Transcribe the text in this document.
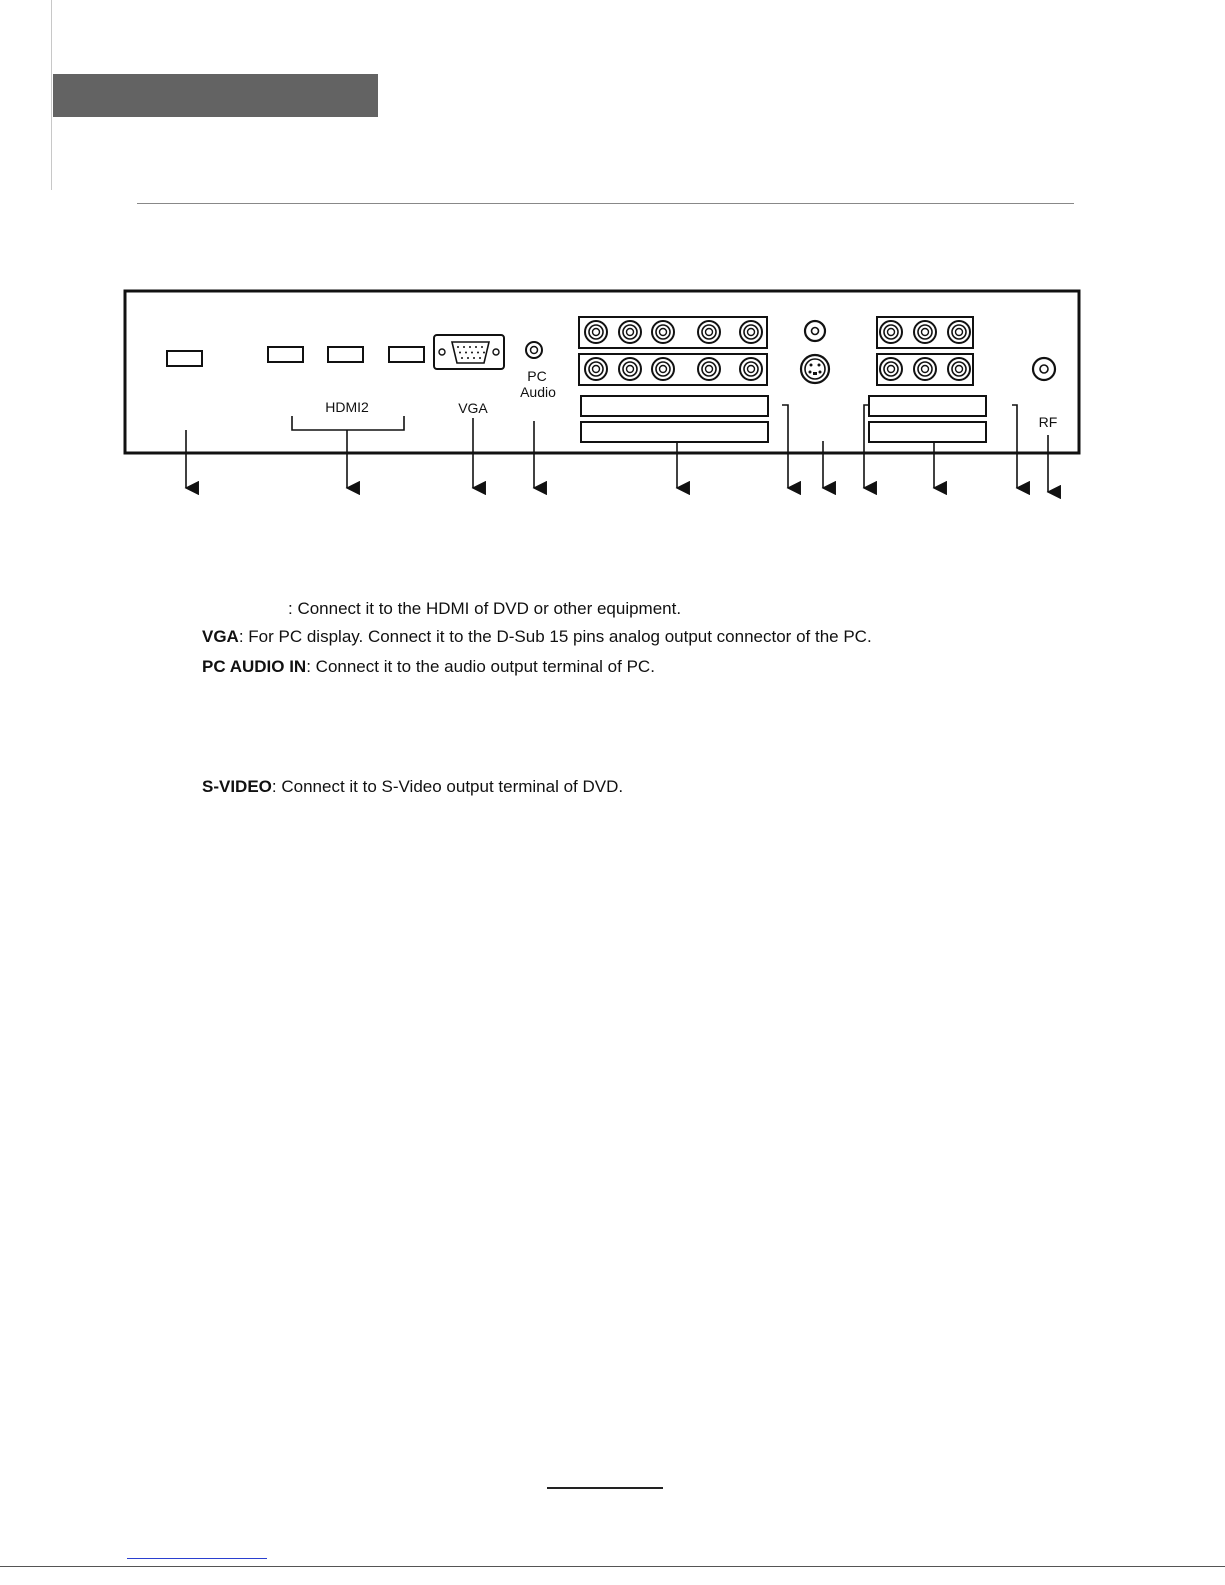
HDMI2	VGA
PC
Audio
RF
: Connect it to the HDMI of DVD or other equipment.
VGA: For PC display. Connect it to the D-Sub 15 pins analog output connector of the PC.
PC AUDIO IN: Connect it to the audio output terminal of PC.
S-VIDEO: Connect it to S-Video output terminal of DVD.
